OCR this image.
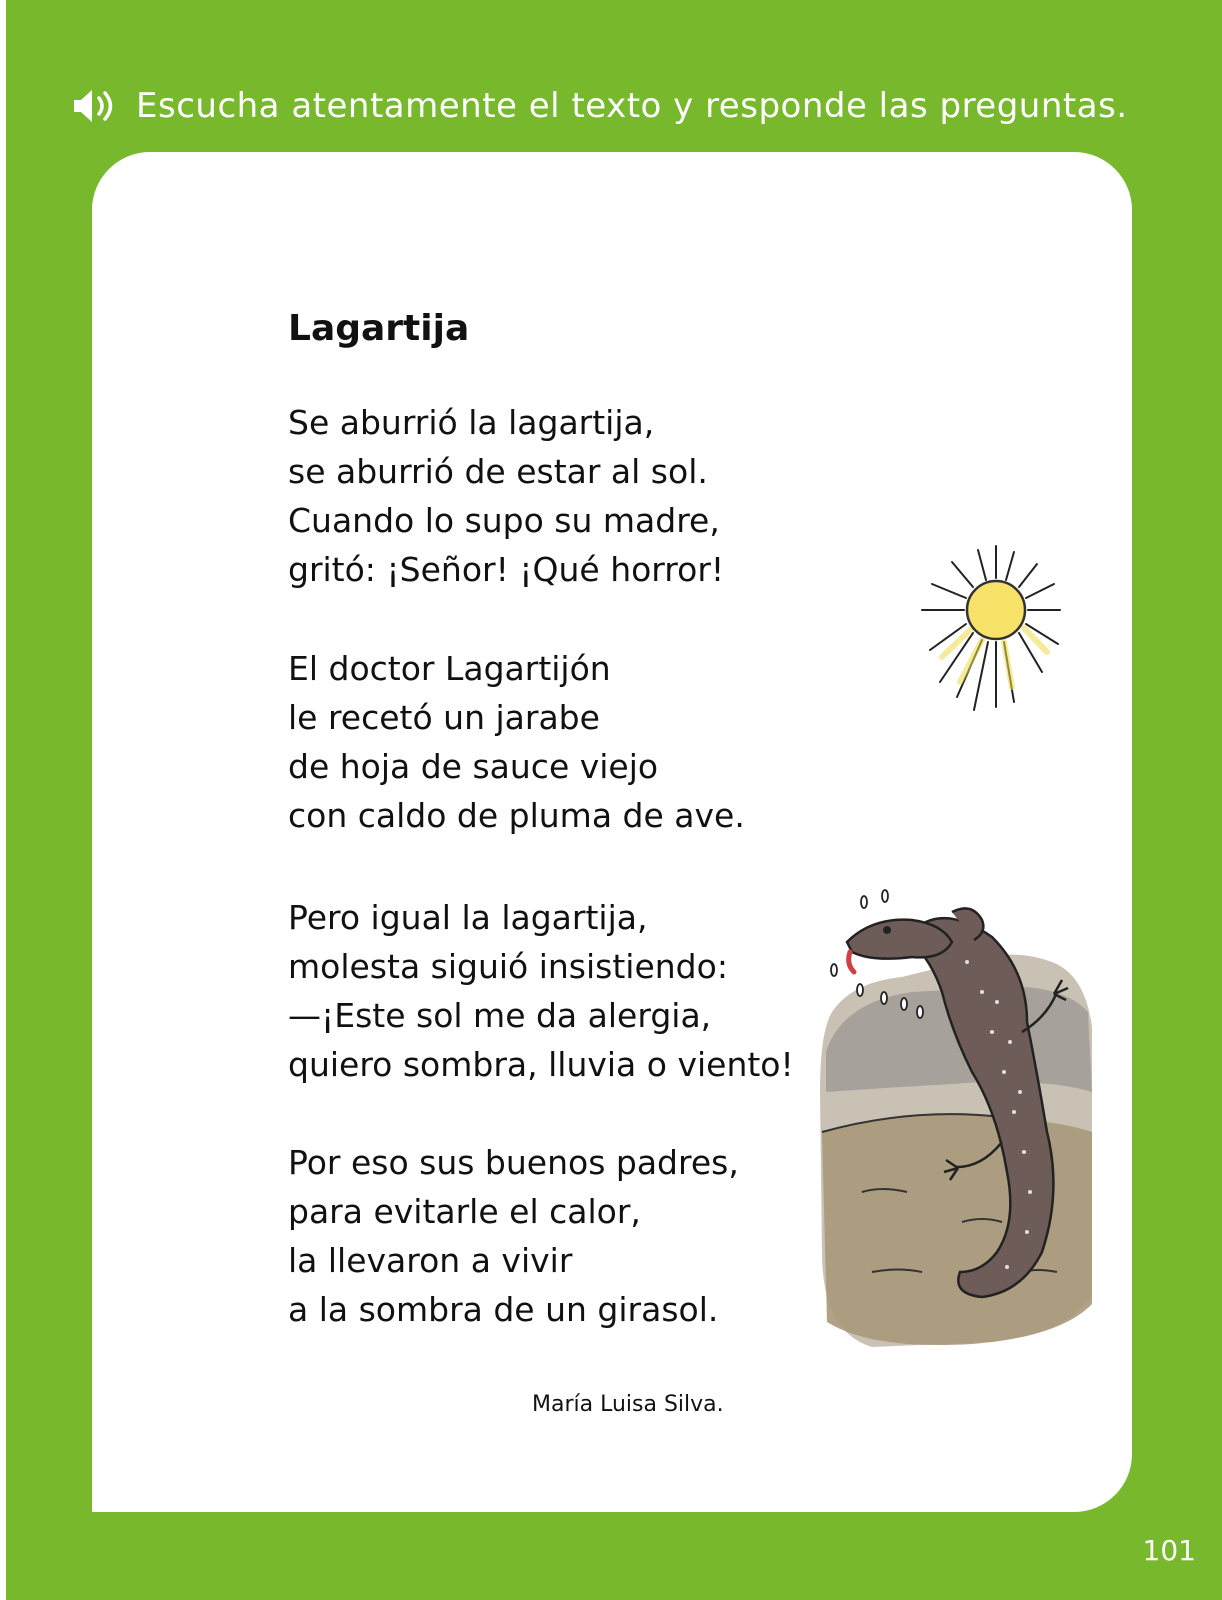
Escucha atentamente el texto y responde las preguntas.
Lagartija
Se aburrió la lagartija,
se aburrió de estar al sol.
Cuando lo supo su madre,
gritó: ¡Señor! ¡Qué horror!
El doctor Lagartijón
le recetó un jarabe
de hoja de sauce viejo
con caldo de pluma de ave.
Pero igual la lagartija,
molesta siguió insistiendo:
—¡Este sol me da alergia,
quiero sombra, lluvia o viento!
Por eso sus buenos padres,
para evitarle el calor,
la llevaron a vivir
a la sombra de un girasol.
María Luisa Silva.
101
